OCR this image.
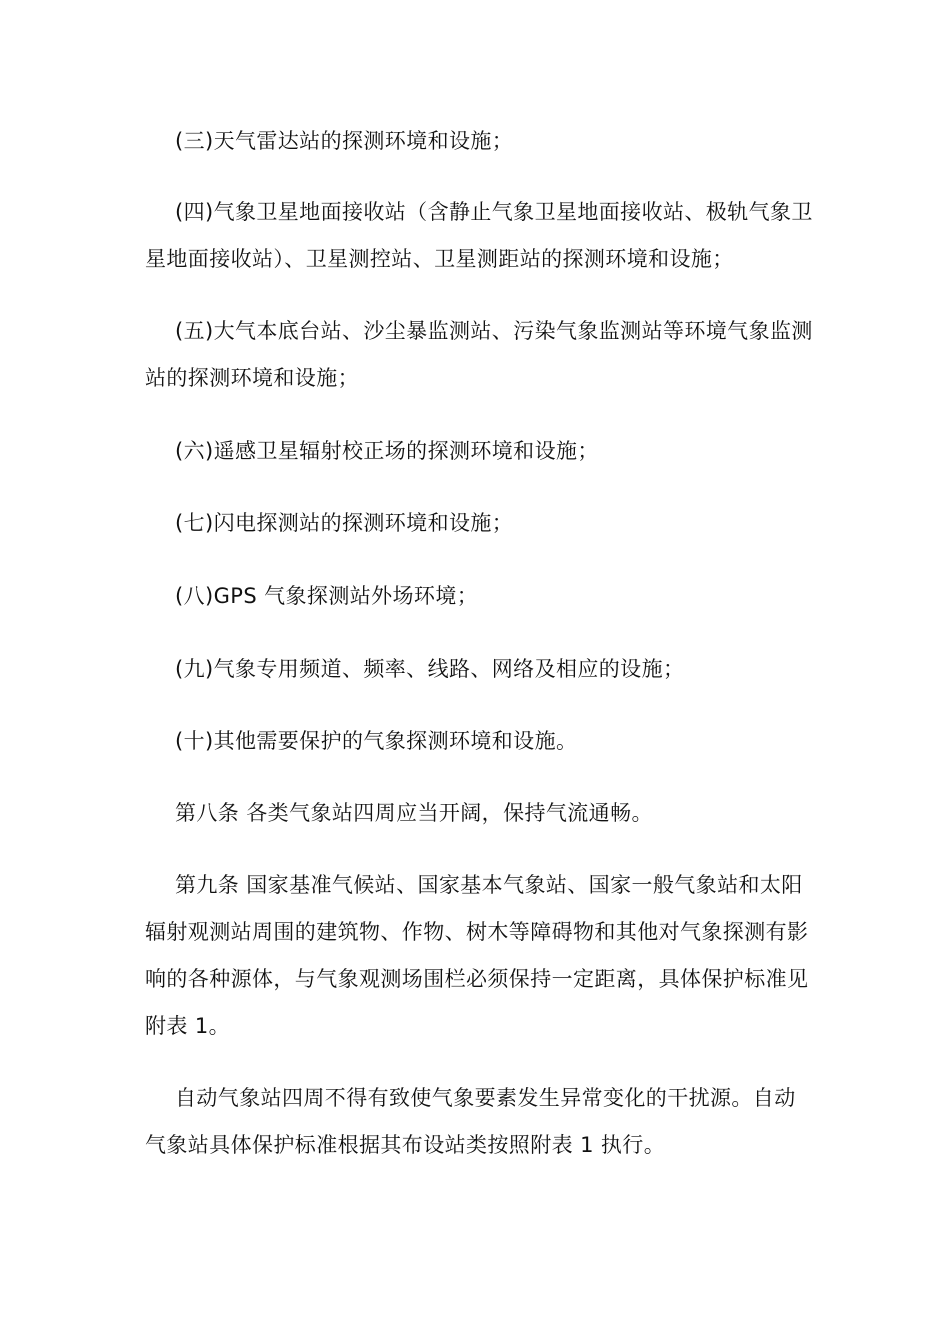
(三)天气雷达站的探测环境和设施；

(四)气象卫星地面接收站（含静止气象卫星地面接收站、极轨气象卫星地面接收站）、卫星测控站、卫星测距站的探测环境和设施；

(五)大气本底台站、沙尘暴监测站、污染气象监测站等环境气象监测站的探测环境和设施；

(六)遥感卫星辐射校正场的探测环境和设施；

(七)闪电探测站的探测环境和设施；

(八)GPS 气象探测站外场环境；

(九)气象专用频道、频率、线路、网络及相应的设施；

(十)其他需要保护的气象探测环境和设施。

第八条 各类气象站四周应当开阔，保持气流通畅。

第九条 国家基准气候站、国家基本气象站、国家一般气象站和太阳辐射观测站周围的建筑物、作物、树木等障碍物和其他对气象探测有影响的各种源体，与气象观测场围栏必须保持一定距离，具体保护标准见附表 1。

自动气象站四周不得有致使气象要素发生异常变化的干扰源。自动气象站具体保护标准根据其布设站类按照附表 1 执行。
